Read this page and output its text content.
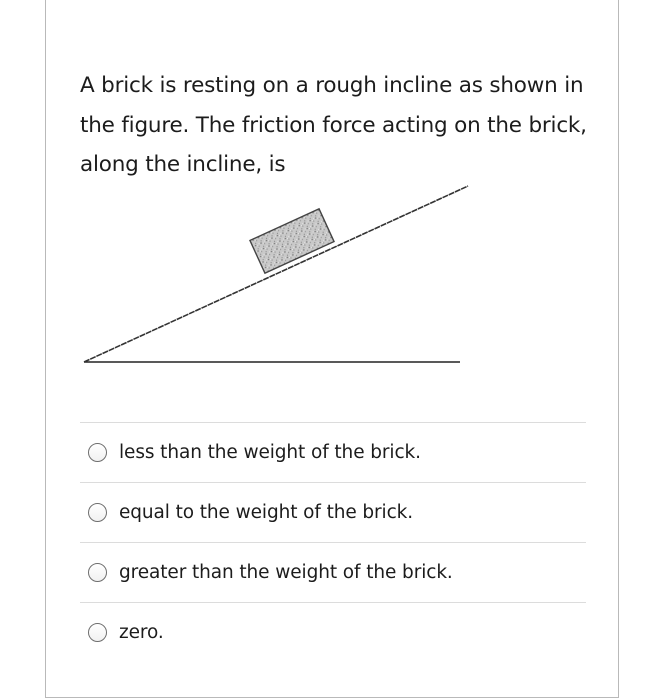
A brick is resting on a rough incline as shown in the figure. The friction force acting on the brick, along the incline, is

less than the weight of the brick.
equal to the weight of the brick.
greater than the weight of the brick.
zero.
